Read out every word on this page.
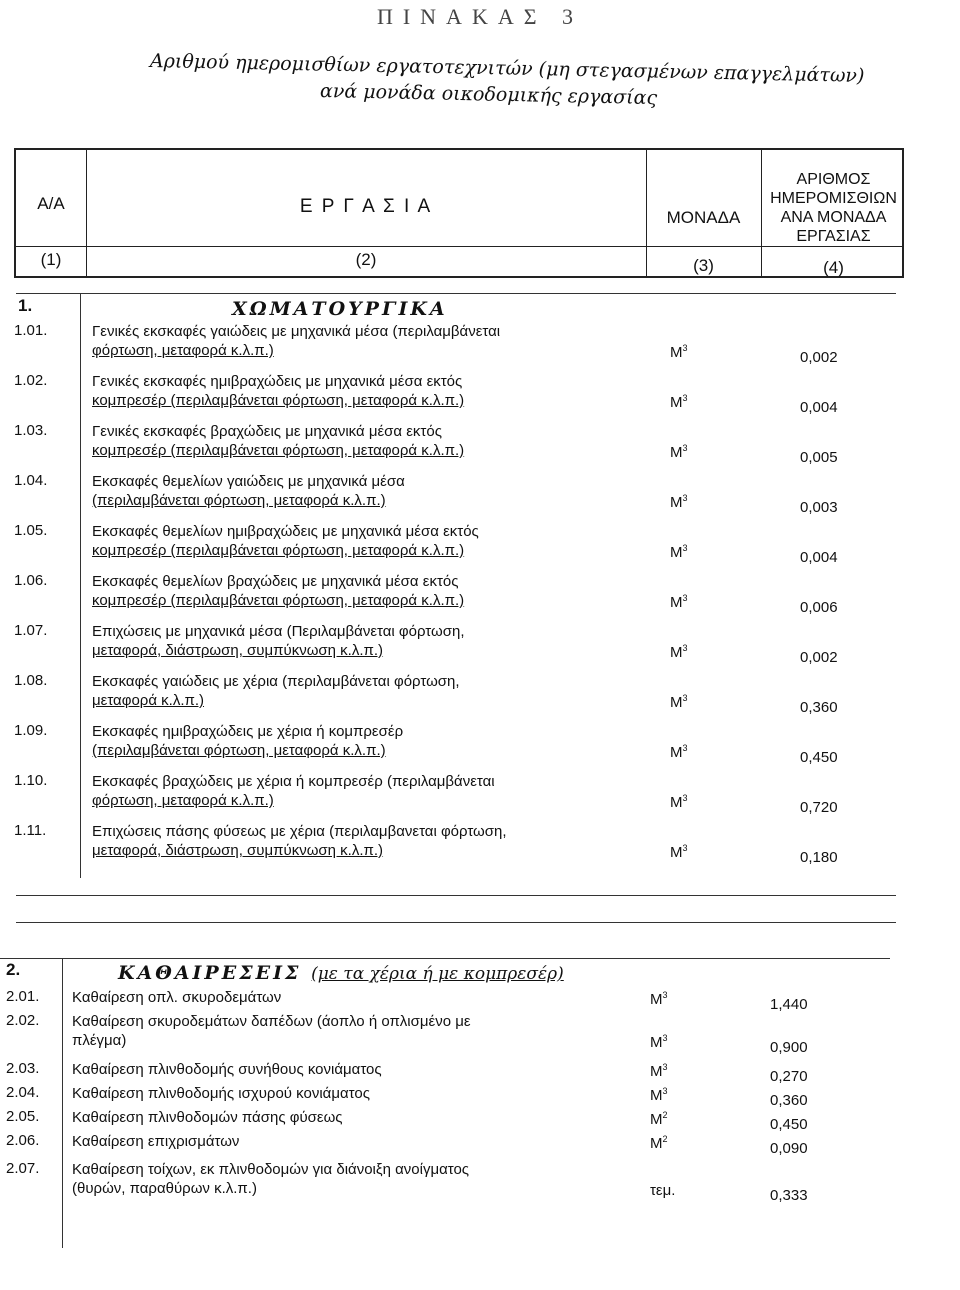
ΠΙΝΑΚΑΣ 3
Αριθμού ημερομισθίων εργατοτεχνιτών (μη στεγασμένων επαγγελμάτων)
ανά μονάδα οικοδομικής εργασίας
Α/Α
(1)
Ε Ρ Γ Α Σ Ι Α
(2)
ΜΟΝΑΔΑ
(3)
ΑΡΙΘΜΟΣ
ΗΜΕΡΟΜΙΣΘΙΩΝ
ΑΝΑ ΜΟΝΑΔΑ
ΕΡΓΑΣΙΑΣ
(4)
1.	ΧΩΜΑΤΟΥΡΓΙΚΑ
1.01.	Γενικές εκσκαφές γαιώδεις με μηχανικά μέσα (περιλαμβάνεται
φόρτωση, μεταφορά κ.λ.π.)	$M^3$
0,002
1.02.	Γενικές εκσκαφές ημιβραχώδεις με μηχανικά μέσα εκτός
κομπρεσέρ (περιλαμβάνεται φόρτωση, μεταφορά κ.λ.π.)	$M^3$
0,004
1.03.	Γενικές εκσκαφές βραχώδεις με μηχανικά μέσα εκτός
κομπρεσέρ (περιλαμβάνεται φόρτωση, μεταφορά κ.λ.π.)	$M^3$
0,005
1.04.	Εκσκαφές θεμελίων γαιώδεις με μηχανικά μέσα
(περιλαμβάνεται φόρτωση, μεταφορά κ.λ.π.)	$M^3$
0,003
1.05.	Εκσκαφές θεμελίων ημιβραχώδεις με μηχανικά μέσα εκτός
κομπρεσέρ (περιλαμβάνεται φόρτωση, μεταφορά κ.λ.π.)	$M^3$
0,004
1.06.	Εκσκαφές θεμελίων βραχώδεις με μηχανικά μέσα εκτός
κομπρεσέρ (περιλαμβάνεται φόρτωση, μεταφορά κ.λ.π.)	$M^3$
0,006
1.07.	Επιχώσεις με μηχανικά μέσα (Περιλαμβάνεται φόρτωση,
μεταφορά, διάστρωση, συμπύκνωση κ.λ.π.)	$M^3$
0,002
1.08.	Εκσκαφές γαιώδεις με χέρια (περιλαμβάνεται φόρτωση,
μεταφορά κ.λ.π.)	$M^3$
0,360
1.09.	Εκσκαφές ημιβραχώδεις με χέρια ή κομπρεσέρ
(περιλαμβάνεται φόρτωση, μεταφορά κ.λ.π.)	$M^3$
0,450
1.10.	Εκσκαφές βραχώδεις με χέρια ή κομπρεσέρ (περιλαμβάνεται
φόρτωση, μεταφορά κ.λ.π.)	$M^3$
0,720
1.11.	Επιχώσεις πάσης φύσεως με χέρια (περιλαμβανεται φόρτωση,
μεταφορά, διάστρωση, συμπύκνωση κ.λ.π.)	$M^3$
0,180
2.	ΚΑΘΑΙΡΕΣΕΙΣ (με τα χέρια ή με κομπρεσέρ)
2.01.	Καθαίρεση οπλ. σκυροδεμάτων	$M^3$
1,440
2.02.	Καθαίρεση σκυροδεμάτων δαπέδων (άοπλο ή οπλισμένο με
πλέγμα)	$M^3$
0,900
2.03.	Καθαίρεση πλινθοδομής συνήθους κονιάματος	$M^3$
0,270
2.04.	Καθαίρεση πλινθοδομής ισχυρού κονιάματος	$M^3$
0,360
2.05.	Καθαίρεση πλινθοδομών πάσης φύσεως	$M^2$
0,450
2.06.	Καθαίρεση επιχρισμάτων	$M^2$
0,090
2.07.	Καθαίρεση τοίχων, εκ πλινθοδομών για διάνοιξη ανοίγματος
(θυρών, παραθύρων κ.λ.π.)	τεμ.	0,333
